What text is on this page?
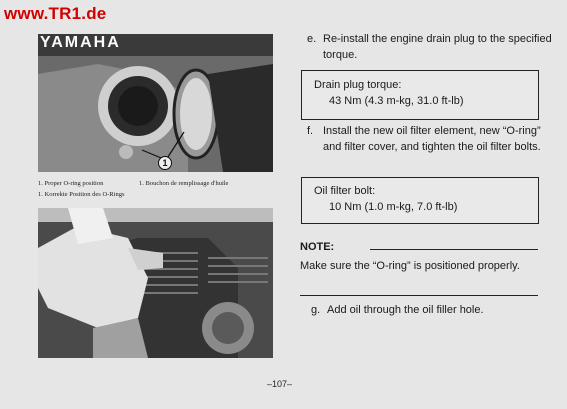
www.TR1.de
YAMAHA
1
1. Proper O-ring position	1. Bouchon de remplissage d'huile
1. Korrekte Position des O-Rings
e. Re-install the engine drain plug to the specified torque.
Drain plug torque:
43 Nm (4.3 m-kg, 31.0 ft-lb)
f. Install the new oil filter element, new “O-ring” and filter cover, and tighten the oil filter bolts.
Oil filter bolt:
10 Nm (1.0 m-kg, 7.0 ft-lb)
NOTE:
Make sure the “O-ring” is positioned properly.
g. Add oil through the oil filler hole.
–107–
